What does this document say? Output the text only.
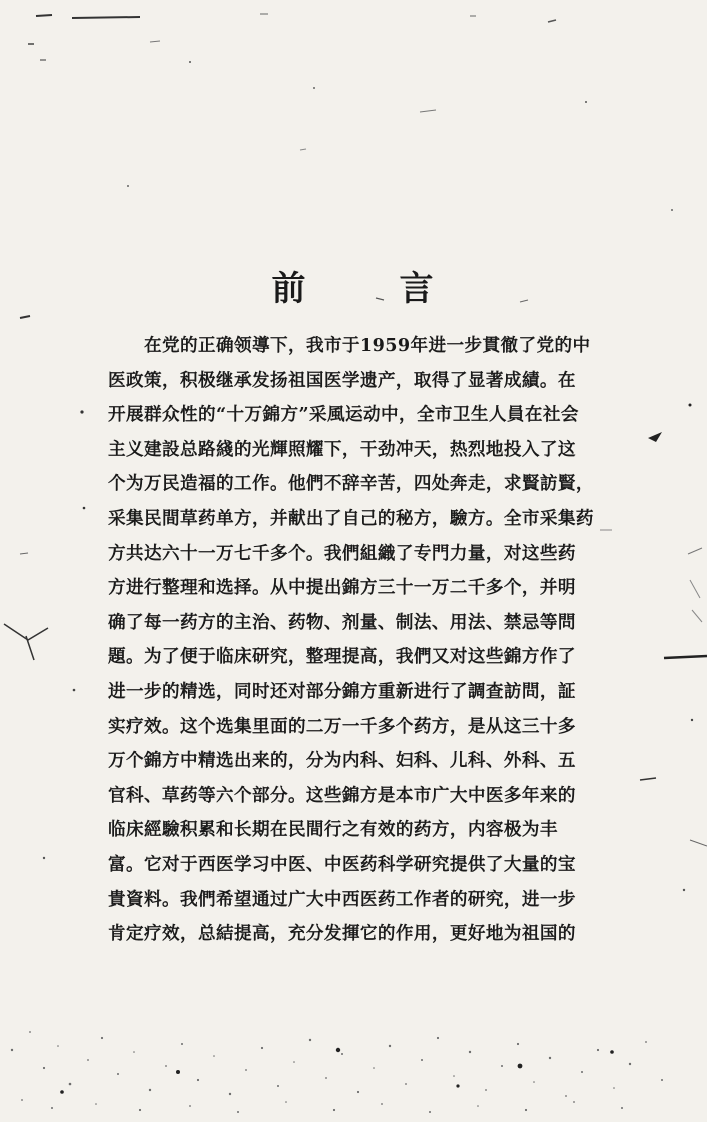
前	言
在党的正确领導下，我市于1959年进一步貫徹了党的中
医政策，积极继承发扬祖国医学遗产，取得了显著成績。在
开展群众性的“十万錦方”采風运动中，全市卫生人員在社会
主义建設总路綫的光輝照耀下，干劲冲天，热烈地投入了这
个为万民造福的工作。他們不辞辛苦，四处奔走，求賢訪賢，
采集民間草药单方，并献出了自己的秘方，驗方。全市采集药
方共达六十一万七千多个。我們組織了专門力量，对这些药
方进行整理和选择。从中提出錦方三十一万二千多个，并明
确了每一药方的主治、药物、剂量、制法、用法、禁忌等問
題。为了便于临床研究，整理提高，我們又对这些錦方作了
进一步的精选，同时还对部分錦方重新进行了調查訪問，証
实疗效。这个选集里面的二万一千多个药方，是从这三十多
万个錦方中精选出来的，分为内科、妇科、儿科、外科、五
官科、草药等六个部分。这些錦方是本市广大中医多年来的
临床經驗积累和长期在民間行之有效的药方，内容极为丰
富。它对于西医学习中医、中医药科学研究提供了大量的宝
貴資料。我們希望通过广大中西医药工作者的研究，进一步
肯定疗效，总結提高，充分发揮它的作用，更好地为祖国的
